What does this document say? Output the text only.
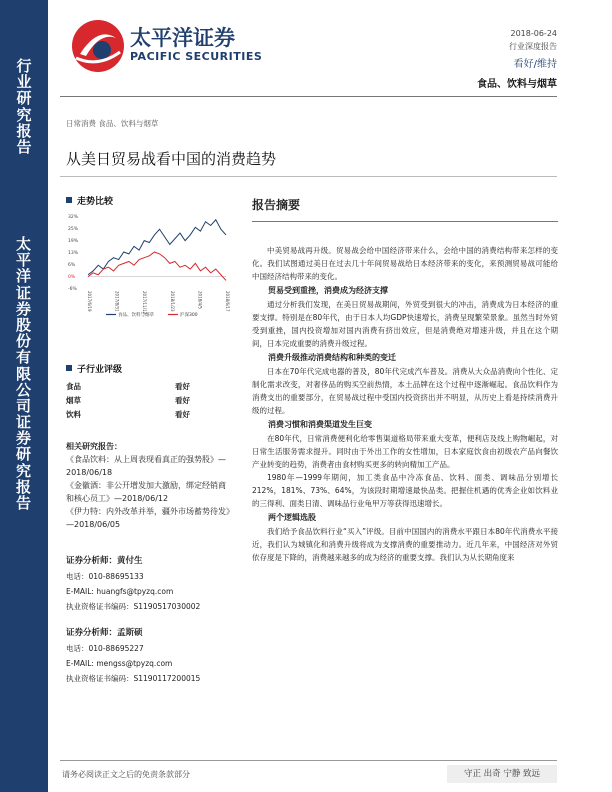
行业研究报告
太平洋证券股份有限公司证券研究报告
太平洋证券
PACIFIC SECURITIES
2018-06-24
行业深度报告
看好/维持
食品、饮料与烟草
日常消费 食品、饮料与烟草
从美日贸易战看中国的消费趋势
走势比较
32%
25%
19%
13%
6%
0%
-6%
2017/6/19	2017/8/31	2017/11/12	2018/1/23	2018/4/5	2018/6/17
食品、饮料与烟草	沪深300
子行业评级
食品	看好
烟草	看好
饮料	看好
相关研究报告：
《食品饮料：从上周表现看真正的强势股》—2018/06/18
《金徽酒：非公开增发加大激励，绑定经销商和核心员工》—2018/06/12
《伊力特：内外改革并举，疆外市场蓄势待发》—2018/06/05
证券分析师：黄付生
电话：010-88695133
E-MAIL: huangfs@tpyzq.com
执业资格证书编码：S1190517030002
证券分析师：孟斯硕
电话：010-88695227
E-MAIL: mengss@tpyzq.com
执业资格证书编码：S1190117200015
报告摘要

中美贸易战再升级。贸易战会给中国经济带来什么，会给中国的消费结构带来怎样的变化。我们试图通过美日在过去几十年间贸易战给日本经济带来的变化，来预测贸易战可能给中国经济结构带来的变化。

贸易受到重挫，消费成为经济支撑

通过分析我们发现，在美日贸易战期间，外贸受到很大的冲击，消费成为日本经济的重要支撑。特别是在80年代，由于日本人均GDP快速增长，消费呈现繁荣景象。虽然当时外贸受到重挫，国内投资增加对国内消费有挤出效应，但是消费绝对增速升级，并且在这个期间，日本完成重要的消费升级过程。

消费升级推动消费结构和种类的变迁

日本在70年代完成电器的普及，80年代完成汽车普及。消费从大众品消费向个性化、定制化需求改变，对奢侈品的购买空前热情，本土品牌在这个过程中逐渐崛起。食品饮料作为消费支出的重要部分，在贸易战过程中受国内投资挤出并不明显，从历史上看是持续消费升级的过程。

消费习惯和消费渠道发生巨变

在80年代，日常消费便利化给零售渠道格局带来重大变革，便利店及线上购物崛起，对日常生活服务需求提升。同时由于外出工作的女性增加，日本家庭饮食由初级农产品向餐饮产业转变的趋势，消费者由食材购买更多的转向精加工产品。

1980年—1999年期间，加工类食品中冷冻食品、饮料、面类、调味品分别增长212%，181%、73%、64%，为该段时期增速最快品类。把握住机遇的优秀企业如饮料业的三得利、面类日清、调味品行业龟甲万等获得迅速增长。

两个逻辑选股

我们给予食品饮料行业“买入”评级。目前中国国内的消费水平跟日本80年代消费水平接近，我们认为城镇化和消费升级将成为支撑消费的重要推动力。近几年来，中国经济对外贸依存度是下降的，消费越来越多的成为经济的重要支撑。我们认为从长期角度来

请务必阅读正文之后的免责条款部分	守正 出奇 宁静 致远
